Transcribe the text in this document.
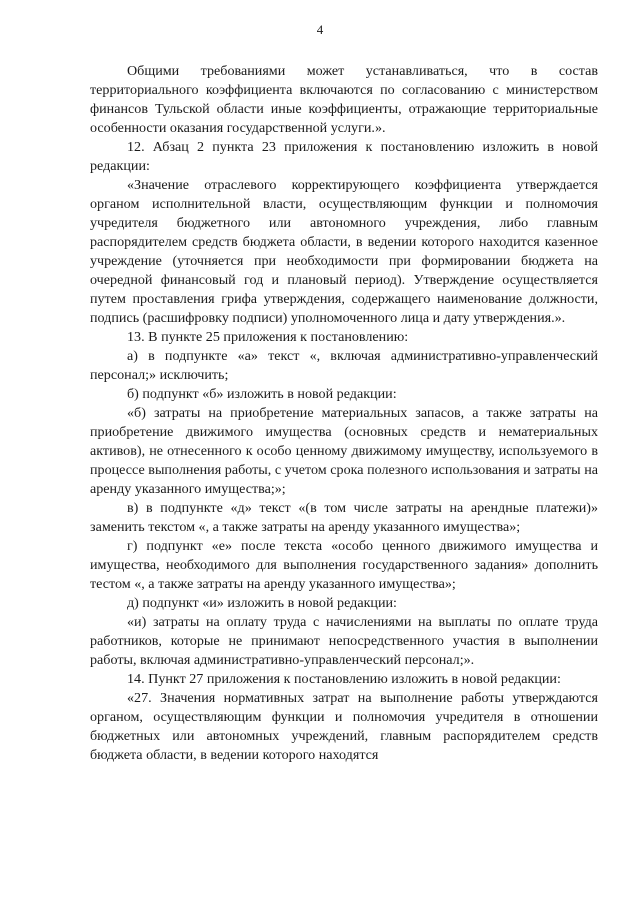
4

Общими требованиями может устанавливаться, что в состав территориального коэффициента включаются по согласованию с министерством финансов Тульской области иные коэффициенты, отражающие территориальные особенности оказания государственной услуги.».

12. Абзац 2 пункта 23 приложения к постановлению изложить в новой редакции:

«Значение отраслевого корректирующего коэффициента утверждается органом исполнительной власти, осуществляющим функции и полномочия учредителя бюджетного или автономного учреждения, либо главным распорядителем средств бюджета области, в ведении которого находится казенное учреждение (уточняется при необходимости при формировании бюджета на очередной финансовый год и плановый период). Утверждение осуществляется путем проставления грифа утверждения, содержащего наименование должности, подпись (расшифровку подписи) уполномоченного лица и дату утверждения.».

13. В пункте 25 приложения к постановлению:

а) в подпункте «а» текст «, включая административно-управленческий персонал;» исключить;

б) подпункт «б» изложить в новой редакции:

«б) затраты на приобретение материальных запасов, а также затраты на приобретение движимого имущества (основных средств и нематериальных активов), не отнесенного к особо ценному движимому имуществу, используемого в процессе выполнения работы, с учетом срока полезного использования и затраты на аренду указанного имущества;»;

в) в подпункте «д» текст «(в том числе затраты на арендные платежи)» заменить текстом «, а также затраты на аренду указанного имущества»;

г) подпункт «е» после текста «особо ценного движимого имущества и имущества, необходимого для выполнения государственного задания» дополнить тестом «, а также затраты на аренду указанного имущества»;

д) подпункт «и» изложить в новой редакции:

«и) затраты на оплату труда с начислениями на выплаты по оплате труда работников, которые не принимают непосредственного участия в выполнении работы, включая административно-управленческий персонал;».

14. Пункт 27 приложения к постановлению изложить в новой редакции:

«27. Значения нормативных затрат на выполнение работы утверждаются органом, осуществляющим функции и полномочия учредителя в отношении бюджетных или автономных учреждений, главным распорядителем средств бюджета области, в ведении которого находятся
